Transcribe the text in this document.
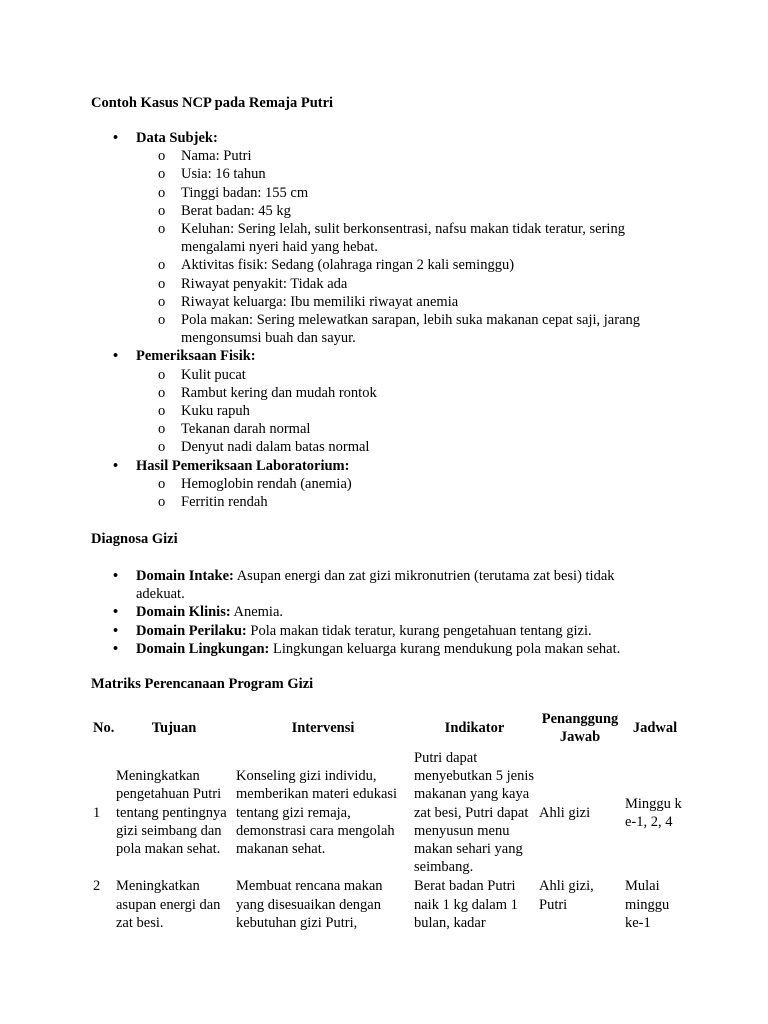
Contoh Kasus NCP pada Remaja Putri
• Data Subjek:
o Nama: Putri
o Usia: 16 tahun
o Tinggi badan: 155 cm
o Berat badan: 45 kg
o Keluhan: Sering lelah, sulit berkonsentrasi, nafsu makan tidak teratur, sering mengalami nyeri haid yang hebat.
o Aktivitas fisik: Sedang (olahraga ringan 2 kali seminggu)
o Riwayat penyakit: Tidak ada
o Riwayat keluarga: Ibu memiliki riwayat anemia
o Pola makan: Sering melewatkan sarapan, lebih suka makanan cepat saji, jarang mengonsumsi buah dan sayur.
• Pemeriksaan Fisik:
o Kulit pucat
o Rambut kering dan mudah rontok
o Kuku rapuh
o Tekanan darah normal
o Denyut nadi dalam batas normal
• Hasil Pemeriksaan Laboratorium:
o Hemoglobin rendah (anemia)
o Ferritin rendah
Diagnosa Gizi
• Domain Intake: Asupan energi dan zat gizi mikronutrien (terutama zat besi) tidak adekuat.
• Domain Klinis: Anemia.
• Domain Perilaku: Pola makan tidak teratur, kurang pengetahuan tentang gizi.
• Domain Lingkungan: Lingkungan keluarga kurang mendukung pola makan sehat.
Matriks Perencanaan Program Gizi
No.	Tujuan	Intervensi	Indikator	Penanggung Jawab	Jadwal
1	Meningkatkan pengetahuan Putri tentang pentingnya gizi seimbang dan pola makan sehat.	Konseling gizi individu, memberikan materi edukasi tentang gizi remaja, demonstrasi cara mengolah makanan sehat.	Putri dapat menyebutkan 5 jenis makanan yang kaya zat besi, Putri dapat menyusun menu makan sehari yang seimbang.	Ahli gizi	Minggu ke-1, 2, 4
2	Meningkatkan asupan energi dan zat besi.	Membuat rencana makan yang disesuaikan dengan kebutuhan gizi Putri,	Berat badan Putri naik 1 kg dalam 1 bulan, kadar	Ahli gizi, Putri	Mulai minggu ke-1
